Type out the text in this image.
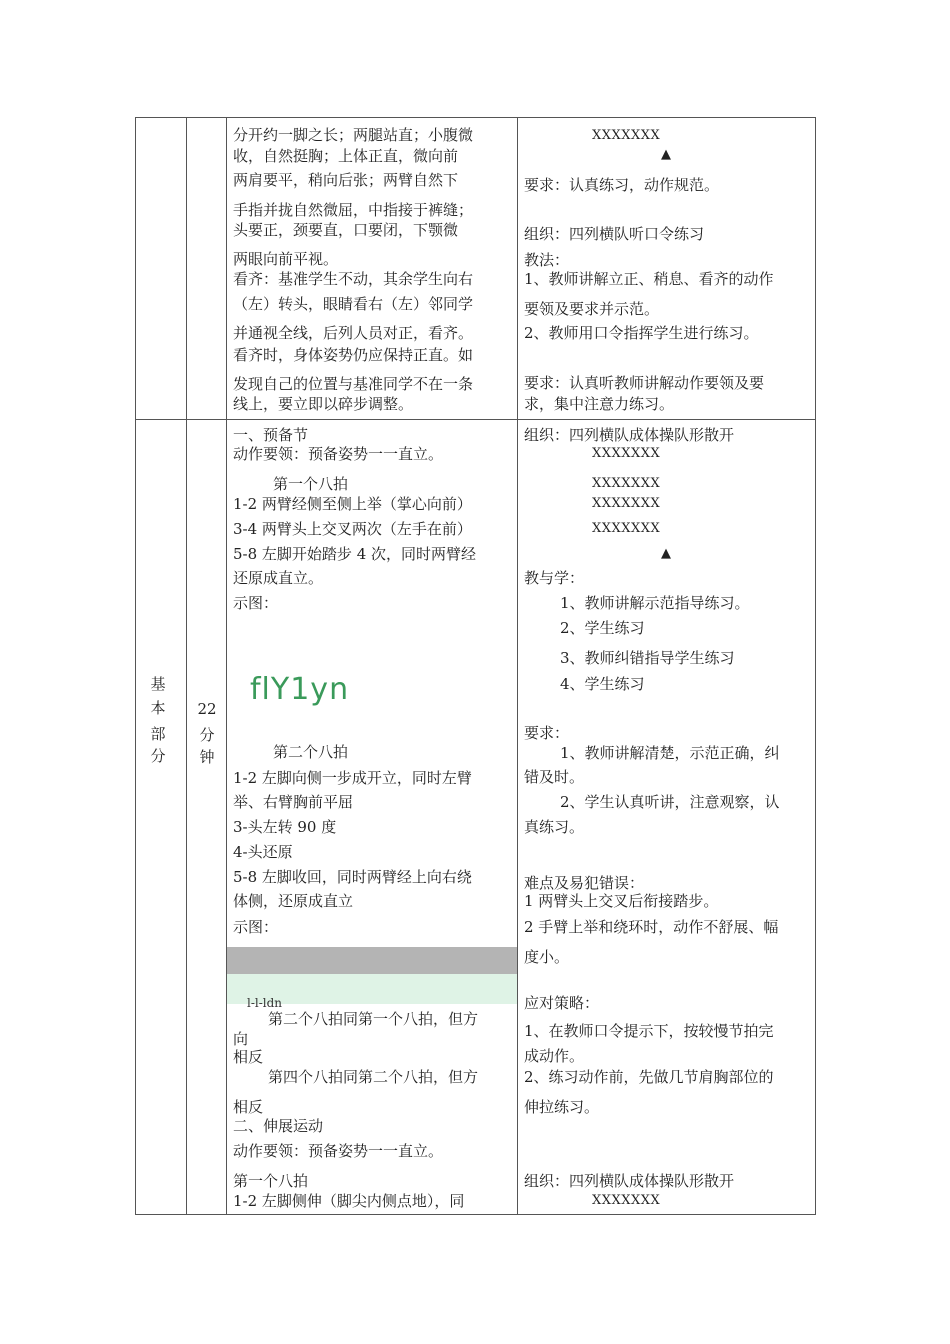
分开约一脚之长；两腿站直；小腹微
收，自然挺胸；上体正直，微向前
两肩要平，稍向后张；两臂自然下
手指并拢自然微屈，中指接于裤缝；
头要正，颈要直，口要闭，下颚微
两眼向前平视。
看齐：基准学生不动，其余学生向右
（左）转头，眼睛看右（左）邻同学
并通视全线，后列人员对正，看齐。
看齐时，身体姿势仍应保持正直。如
发现自己的位置与基准同学不在一条
线上，要立即以碎步调整。
XXXXXXX
▲
要求：认真练习，动作规范。
组织：四列横队听口令练习
教法：
1、教师讲解立正、稍息、看齐的动作
要领及要求并示范。
2、教师用口令指挥学生进行练习。
要求：认真听教师讲解动作要领及要
求，集中注意力练习。
基
本
部
分
22
分
钟
一、预备节
动作要领：预备姿势一一直立。
第一个八拍
1-2 两臂经侧至侧上举（掌心向前）
3-4 两臂头上交叉两次（左手在前）
5-8 左脚开始踏步 4 次，同时两臂经
还原成直立。
示图：
flY1yn
第二个八拍
1-2 左脚向侧一步成开立，同时左臂
举、右臂胸前平屈
3-头左转 90 度
4-头还原
5-8 左脚收回，同时两臂经上向右绕
体侧，还原成直立
示图：
l-l-ldn
第二个八拍同第一个八拍，但方
向
相反
第四个八拍同第二个八拍，但方
相反
二、伸展运动
动作要领：预备姿势一一直立。
第一个八拍
1-2 左脚侧伸（脚尖内侧点地），同
组织：四列横队成体操队形散开
XXXXXXX
XXXXXXX
XXXXXXX
XXXXXXX
▲
教与学：
1、教师讲解示范指导练习。
2、学生练习
3、教师纠错指导学生练习
4、学生练习
要求：
1、教师讲解清楚，示范正确，纠
错及时。
2、学生认真听讲，注意观察，认
真练习。
难点及易犯错误：
1 两臂头上交叉后衔接踏步。
2 手臂上举和绕环时，动作不舒展、幅
度小。
应对策略：
1、在教师口令提示下，按较慢节拍完
成动作。
2、练习动作前，先做几节肩胸部位的
伸拉练习。
组织：四列横队成体操队形散开
XXXXXXX
